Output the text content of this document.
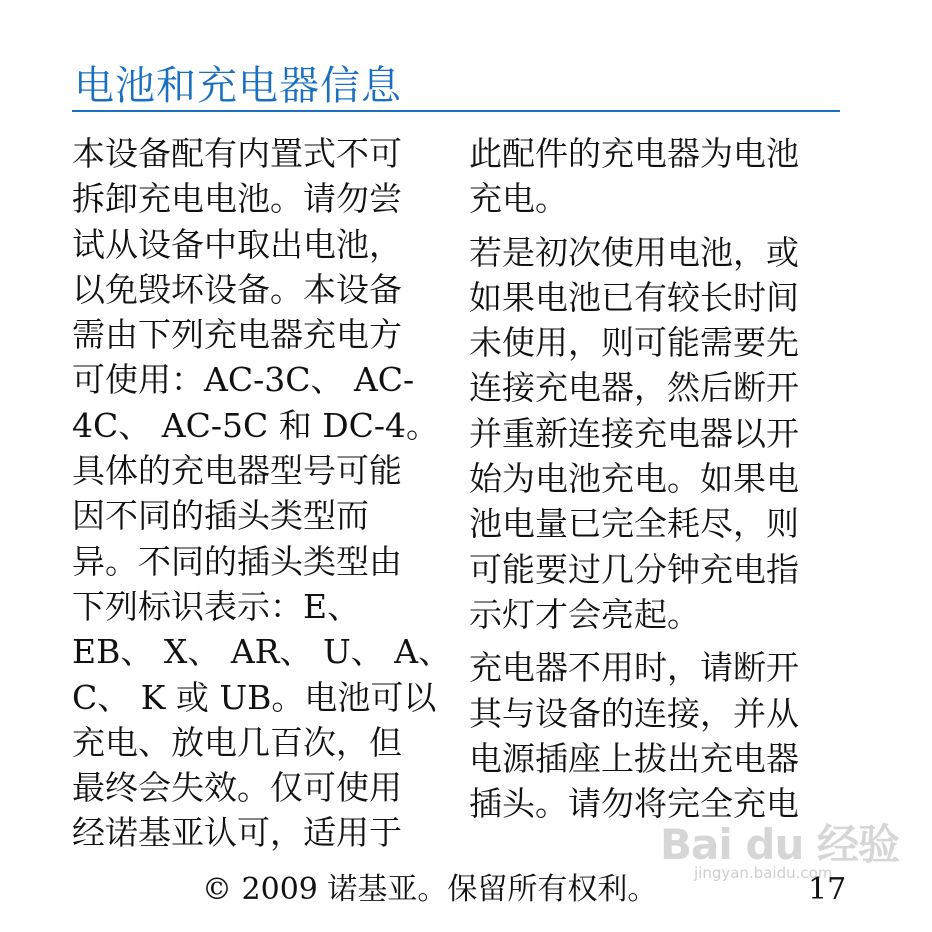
电池和充电器信息
本设备配有内置式不可
拆卸充电电池。请勿尝
试从设备中取出电池，
以免毁坏设备。本设备
需由下列充电器充电方
可使用：AC-3C、 AC-
4C、 AC-5C 和 DC-4。
具体的充电器型号可能
因不同的插头类型而
异。不同的插头类型由
下列标识表示：E、
EB、 X、 AR、 U、 A、
C、 K 或 UB。电池可以
充电、放电几百次，但
最终会失效。仅可使用
经诺基亚认可，适用于
此配件的充电器为电池
充电。
若是初次使用电池，或
如果电池已有较长时间
未使用，则可能需要先
连接充电器，然后断开
并重新连接充电器以开
始为电池充电。如果电
池电量已完全耗尽，则
可能要过几分钟充电指
示灯才会亮起。
充电器不用时，请断开
其与设备的连接，并从
电源插座上拔出充电器
插头。请勿将完全充电
Bai du 经验
jingyan.baidu.com
© 2009 诺基亚。保留所有权利。	17
